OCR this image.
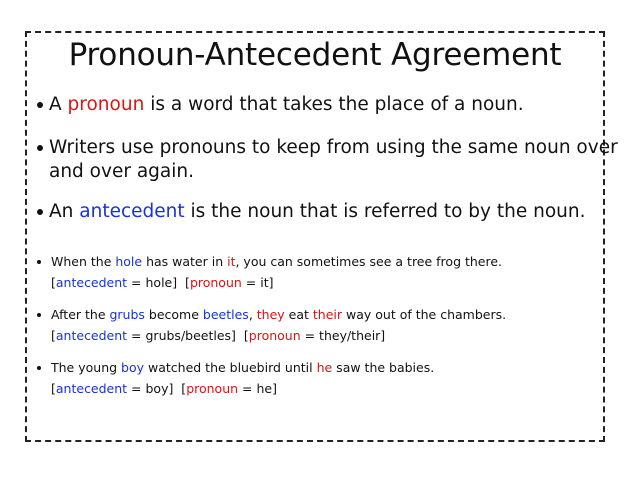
Pronoun-Antecedent Agreement
A pronoun is a word that takes the place of a noun.
Writers use pronouns to keep from using the same noun over
and over again.
An antecedent is the noun that is referred to by the noun.
When the hole has water in it, you can sometimes see a tree frog there.
[antecedent = hole]  [pronoun = it]
After the grubs become beetles, they eat their way out of the chambers.
[antecedent = grubs/beetles]  [pronoun = they/their]
The young boy watched the bluebird until he saw the babies.
[antecedent = boy]  [pronoun = he]
